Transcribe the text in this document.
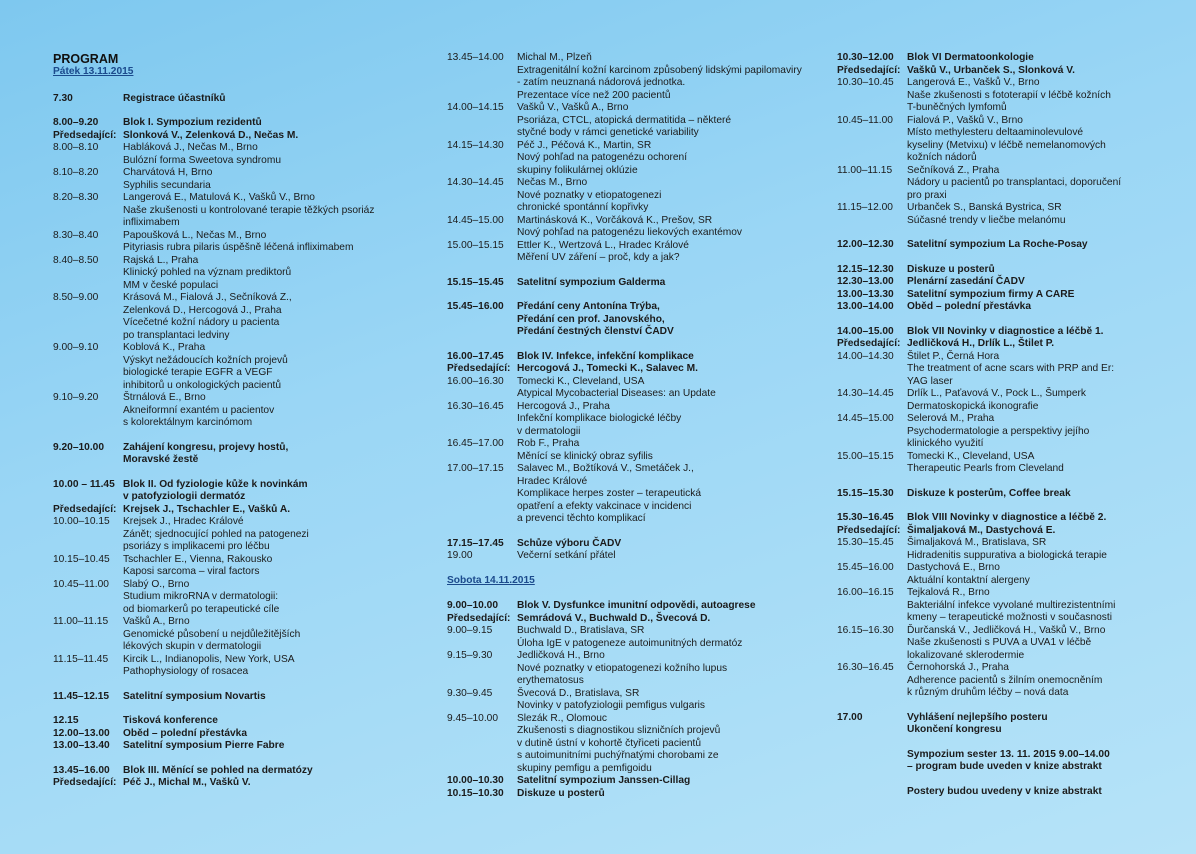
PROGRAM
Pátek 13.11.2015
7.30	Registrace účastníků
8.00–9.20	Blok I. Sympozium rezidentů
Předsedající: Slonková V., Zelenková D., Nečas M.
8.00–8.10	Habláková J., Nečas M., Brno
Bulózní forma Sweetova syndromu
8.10–8.20	Charvátová H, Brno
Syphilis secundaria
8.20–8.30	Langerová E., Matulová K., Vašků V., Brno
Naše zkušenosti u kontrolované terapie těžkých psoriáz infliximabem
8.30–8.40	Papoušková L., Nečas M., Brno
Pityriasis rubra pilaris úspěšně léčená infliximabem
8.40–8.50	Rajská L., Praha
Klinický pohled na význam prediktorů
MM v české populaci
8.50–9.00	Krásová M., Fialová J., Sečníková Z.,
Zelenková D., Hercogová J., Praha
Vícečetné kožní nádory u pacienta
po transplantaci ledviny
9.00–9.10	Koblová K., Praha
Výskyt nežádoucích kožních projevů
biologické terapie EGFR a VEGF
inhibitorů u onkologických pacientů
9.10–9.20	Štrnálová E., Brno
Akneiformní exantém u pacientov
s kolorektálnym karcinómom
9.20–10.00	Zahájení kongresu, projevy hostů,
Moravské žestě
10.00 – 11.45 Blok II. Od fyziologie kůže k novinkám
v patofyziologii dermatóz
Předsedající: Krejsek J., Tschachler E., Vašků A.
10.00–10.15	Krejsek J., Hradec Králové
Zánět; sjednocující pohled na patogenezi
psoriázy s implikacemi pro léčbu
10.15–10.45	Tschachler E., Vienna, Rakousko
Kaposi sarcoma – viral factors
10.45–11.00	Slabý O., Brno
Studium mikroRNA v dermatologii:
od biomarkerů po terapeutické cíle
11.00–11.15	Vašků A., Brno
Genomické působení u nejdůležitějších
lékových skupin v dermatologii
11.15–11.45	Kircik L., Indianopolis, New York, USA
Pathophysiology of rosacea
11.45–12.15	Satelitní symposium Novartis
12.15	Tisková konference
12.00–13.00	Oběd – polední přestávka
13.00–13.40	Satelitní symposium Pierre Fabre
13.45–16.00	Blok III. Měnící se pohled na dermatózy
Předsedající: Péč J., Michal M., Vašků V.
13.45–14.00	Michal M., Plzeň
Extragenitální kožní karcinom způsobený lidskými papilomaviry - zatím neuznaná nádorová jednotka.
Prezentace více než 200 pacientů
14.00–14.15	Vašků V., Vašků A., Brno
Psoriáza, CTCL, atopická dermatitida – některé
styčné body v rámci genetické variability
14.15–14.30	Péč J., Péčová K., Martin, SR
Nový pohľad na patogenézu ochorení
skupiny folikulárnej oklúzie
14.30–14.45	Nečas M., Brno
Nové poznatky v etiopatogenezi
chronické spontánní kopřivky
14.45–15.00	Martinásková K., Vorčáková K., Prešov, SR
Nový pohľad na patogenézu liekových exantémov
15.00–15.15	Ettler K., Wertzová L., Hradec Králové
Měření UV záření – proč, kdy a jak?
15.15–15.45	Satelitní sympozium Galderma
15.45–16.00	Předání ceny Antonína Trýba,
Předání cen prof. Janovského,
Předání čestných členství ČADV
16.00–17.45	Blok IV. Infekce, infekční komplikace
Předsedající: Hercogová J., Tomecki K., Salavec M.
16.00–16.30	Tomecki K., Cleveland, USA
Atypical Mycobacterial Diseases: an Update
16.30–16.45	Hercogová J., Praha
Infekční komplikace biologické léčby
v dermatologii
16.45–17.00	Rob F., Praha
Měnící se klinický obraz syfilis
17.00–17.15	Salavec M., Božtíková V., Smetáček J.,
Hradec Králové
Komplikace herpes zoster – terapeutická
opatření a efekty vakcinace v incidenci
a prevenci těchto komplikací
17.15–17.45	Schůze výboru ČADV
19.00	Večerní setkání přátel
Sobota 14.11.2015
9.00–10.00	Blok V. Dysfunkce imunitní odpovědi, autoagrese
Předsedající: Semrádová V., Buchwald D., Švecová D.
9.00–9.15	Buchwald D., Bratislava, SR
Úloha IgE v patogeneze autoimunitných dermatóz
9.15–9.30	Jedličková H., Brno
Nové poznatky v etiopatogenezi kožního lupus
erythematosus
9.30–9.45	Švecová D., Bratislava, SR
Novinky v patofyziologii pemfigus vulgaris
9.45–10.00	Slezák R., Olomouc
Zkušenosti s diagnostikou slizničních projevů
v dutině ústní v kohortě čtyřiceti pacientů
s autoimunitními puchýřnatými chorobami ze
skupiny pemfigu a pemfigoidu
10.00–10.30	Satelitní sympozium Janssen-Cillag
10.15–10.30	Diskuze u posterů
10.30–12.00	Blok VI Dermatoonkologie
Předsedající: Vašků V., Urbanček S., Slonková V.
10.30–10.45	Langerová E., Vašků V., Brno
Naše zkušenosti s fototerapií v léčbě kožních
T-buněčných lymfomů
10.45–11.00	Fialová P., Vašků V., Brno
Místo methylesteru deltaaminolevulové
kyseliny (Metvixu) v léčbě nemelanomových
kožních nádorů
11.00–11.15	Sečníková Z., Praha
Nádory u pacientů po transplantaci, doporučení
pro praxi
11.15–12.00	Urbanček S., Banská Bystrica, SR
Súčasné trendy v liečbe melanómu
12.00–12.30	Satelitní sympozium La Roche-Posay
12.15–12.30	Diskuze u posterů
12.30–13.00	Plenární zasedání ČADV
13.00–13.30	Satelitní sympozium firmy A CARE
13.00–14.00	Oběd – polední přestávka
14.00–15.00	Blok VII Novinky v diagnostice a léčbě 1.
Předsedající: Jedličková H., Drlík L., Štilet P.
14.00–14.30	Štilet P., Černá Hora
The treatment of acne scars with PRP and Er:
YAG laser
14.30–14.45	Drlík L., Paťavová V., Pock L., Šumperk
Dermatoskopická ikonografie
14.45–15.00	Selerová M., Praha
Psychodermatologie a perspektivy jejího
klinického využití
15.00–15.15	Tomecki K., Cleveland, USA
Therapeutic Pearls from Cleveland
15.15–15.30	Diskuze k posterům, Coffee break
15.30–16.45	Blok VIII Novinky v diagnostice a léčbě 2.
Předsedající: Šimaljaková M., Dastychová E.
15.30–15.45	Šimaljaková M., Bratislava, SR
Hidradenitis suppurativa a biologická terapie
15.45–16.00	Dastychová E., Brno
Aktuální kontaktní alergeny
16.00–16.15	Tejkalová R., Brno
Bakteriální infekce vyvolané multirezistentními
kmeny – terapeutické možnosti v současnosti
16.15–16.30	Ďurčanská V., Jedličková H., Vašků V., Brno
Naše zkušenosti s PUVA a UVA1 v léčbě
lokalizované sklerodermie
16.30–16.45	Černohorská J., Praha
Adherence pacientů s žilním onemocněním
k různým druhům léčby – nová data
17.00	Vyhlášení nejlepšího posteru
Ukončení kongresu
Sympozium sester 13. 11. 2015 9.00–14.00
– program bude uveden v knize abstrakt
Postery budou uvedeny v knize abstrakt
